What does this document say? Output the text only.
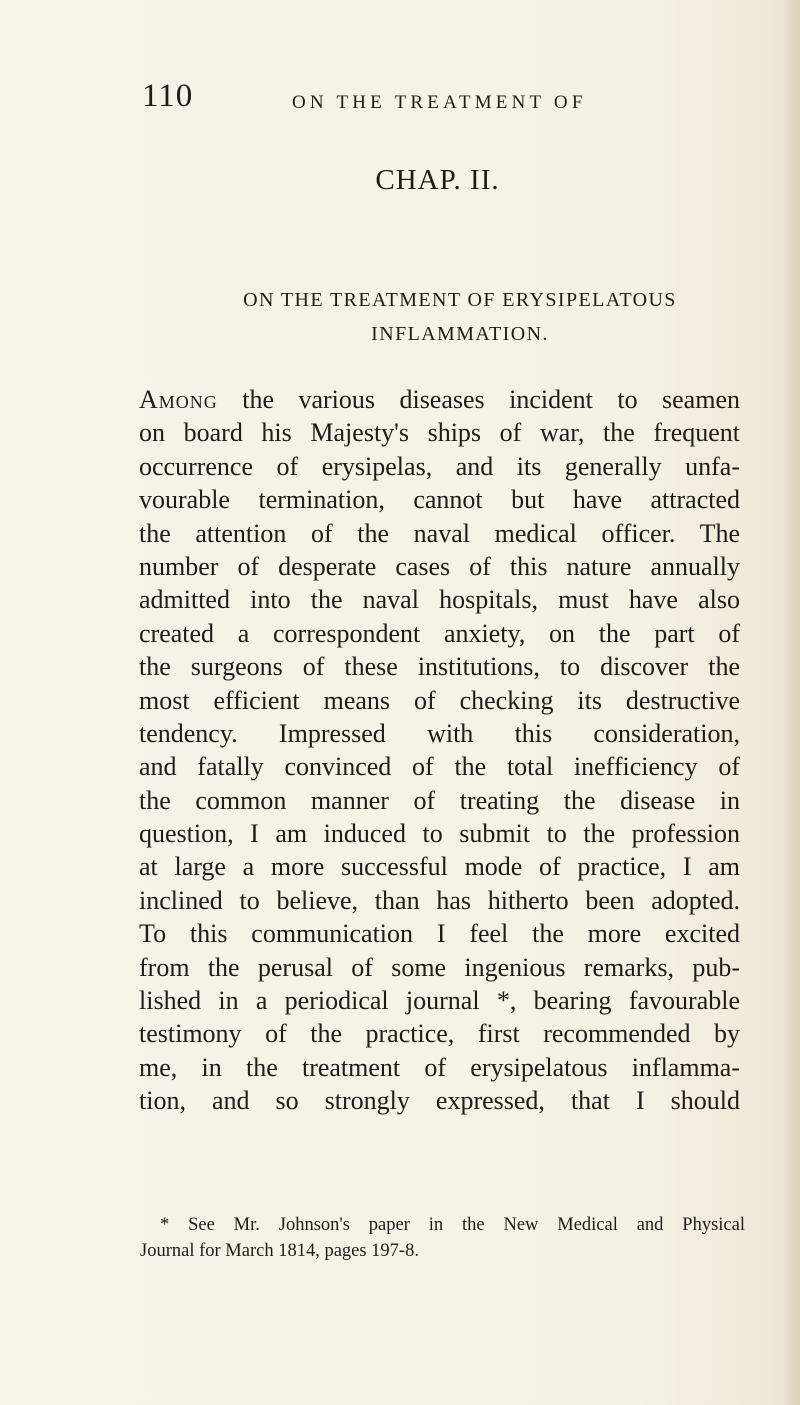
110	ON THE TREATMENT OF
CHAP. II.
ON THE TREATMENT OF ERYSIPELATOUS
INFLAMMATION.
Among the various diseases incident to seamen
on board his Majesty's ships of war, the frequent
occurrence of erysipelas, and its generally unfa-
vourable termination, cannot but have attracted
the attention of the naval medical officer. The
number of desperate cases of this nature annually
admitted into the naval hospitals, must have also
created a correspondent anxiety, on the part of
the surgeons of these institutions, to discover the
most efficient means of checking its destructive
tendency. Impressed with this consideration,
and fatally convinced of the total inefficiency of
the common manner of treating the disease in
question, I am induced to submit to the profession
at large a more successful mode of practice, I am
inclined to believe, than has hitherto been adopted.
To this communication I feel the more excited
from the perusal of some ingenious remarks, pub-
lished in a periodical journal *, bearing favourable
testimony of the practice, first recommended by
me, in the treatment of erysipelatous inflamma-
tion, and so strongly expressed, that I should
* See Mr. Johnson's paper in the New Medical and Physical
Journal for March 1814, pages 197-8.
